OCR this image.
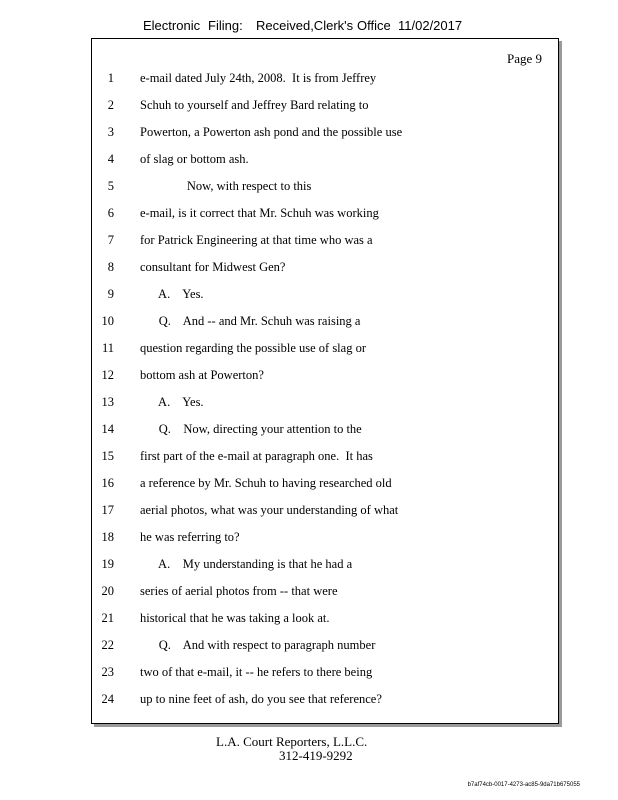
Electronic Filing: Received,Clerk's Office 11/02/2017
Page 9
1 e-mail dated July 24th, 2008.  It is from Jeffrey
2 Schuh to yourself and Jeffrey Bard relating to
3 Powerton, a Powerton ash pond and the possible use
4 of slag or bottom ash.
5 Now, with respect to this
6 e-mail, is it correct that Mr. Schuh was working
7 for Patrick Engineering at that time who was a
8 consultant for Midwest Gen?
9 A.    Yes.
10 Q.    And -- and Mr. Schuh was raising a
11 question regarding the possible use of slag or
12 bottom ash at Powerton?
13 A.    Yes.
14 Q.    Now, directing your attention to the
15 first part of the e-mail at paragraph one.  It has
16 a reference by Mr. Schuh to having researched old
17 aerial photos, what was your understanding of what
18 he was referring to?
19 A.    My understanding is that he had a
20 series of aerial photos from -- that were
21 historical that he was taking a look at.
22 Q.    And with respect to paragraph number
23 two of that e-mail, it -- he refers to there being
24 up to nine feet of ash, do you see that reference?
L.A. Court Reporters, L.L.C.
312-419-9292
b7af74cb-0017-4273-ac85-9da71b675055
